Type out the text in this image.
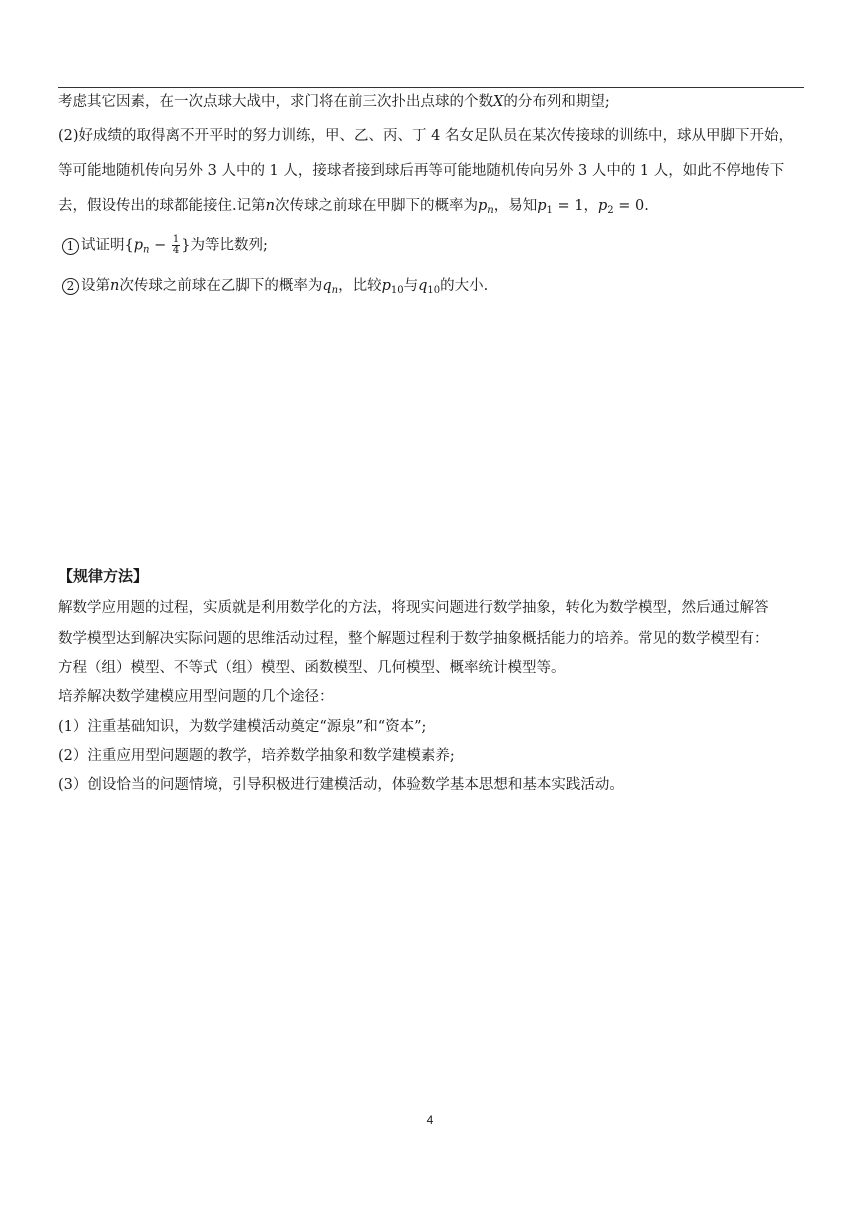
考虑其它因素，在一次点球大战中，求门将在前三次扑出点球的个数X的分布列和期望;
(2)好成绩的取得离不开平时的努力训练，甲、乙、丙、丁 4 名女足队员在某次传接球的训练中，球从甲脚下开始，
等可能地随机传向另外 3 人中的 1 人，接球者接到球后再等可能地随机传向另外 3 人中的 1 人，如此不停地传下
去，假设传出的球都能接住.记第n次传球之前球在甲脚下的概率为$p_n$，易知$p_1 = 1$，$p_2 = 0$.
1 试证明{$p_n - \frac{1}{4}$ }为等比数列;
2 设第n次传球之前球在乙脚下的概率为$q_n$，比较$p_{10}$与$q_{10}$的大小.
【规律方法】
解数学应用题的过程，实质就是利用数学化的方法，将现实问题进行数学抽象，转化为数学模型，然后通过解答
数学模型达到解决实际问题的思维活动过程，整个解题过程利于数学抽象概括能力的培养。常见的数学模型有：
方程（组）模型、不等式（组）模型、函数模型、几何模型、概率统计模型等。
培养解决数学建模应用型问题的几个途径：
(1）注重基础知识，为数学建模活动奠定“源泉”和“资本”;
(2）注重应用型问题题的教学，培养数学抽象和数学建模素养;
(3）创设恰当的问题情境，引导积极进行建模活动，体验数学基本思想和基本实践活动。
4
